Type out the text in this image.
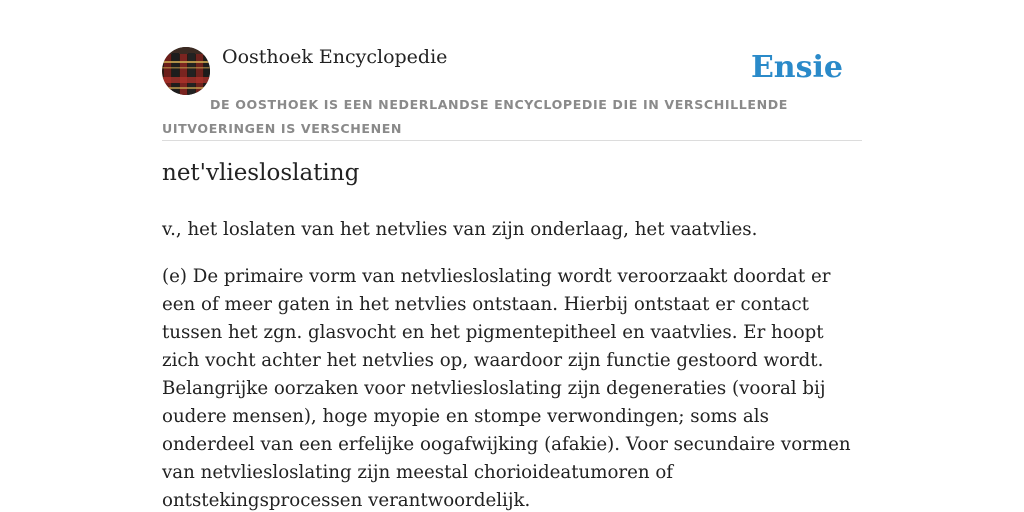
Oosthoek Encyclopedie	Ensie
DE OOSTHOEK IS EEN NEDERLANDSE ENCYCLOPEDIE DIE IN VERSCHILLENDE UITVOERINGEN IS VERSCHENEN
net'vliesloslating

v., het loslaten van het netvlies van zijn onderlaag, het vaatvlies.

(e) De primaire vorm van netvliesloslating wordt veroorzaakt doordat er een of meer gaten in het netvlies ontstaan. Hierbij ontstaat er contact tussen het zgn. glasvocht en het pigmentepitheel en vaatvlies. Er hoopt zich vocht achter het netvlies op, waardoor zijn functie gestoord wordt. Belangrijke oorzaken voor netvliesloslating zijn degeneraties (vooral bij oudere mensen), hoge myopie en stompe verwondingen; soms als onderdeel van een erfelijke oogafwijking (afakie). Voor secundaire vormen van netvliesloslating zijn meestal chorioideatumoren of ontstekingsprocessen verantwoordelijk.
